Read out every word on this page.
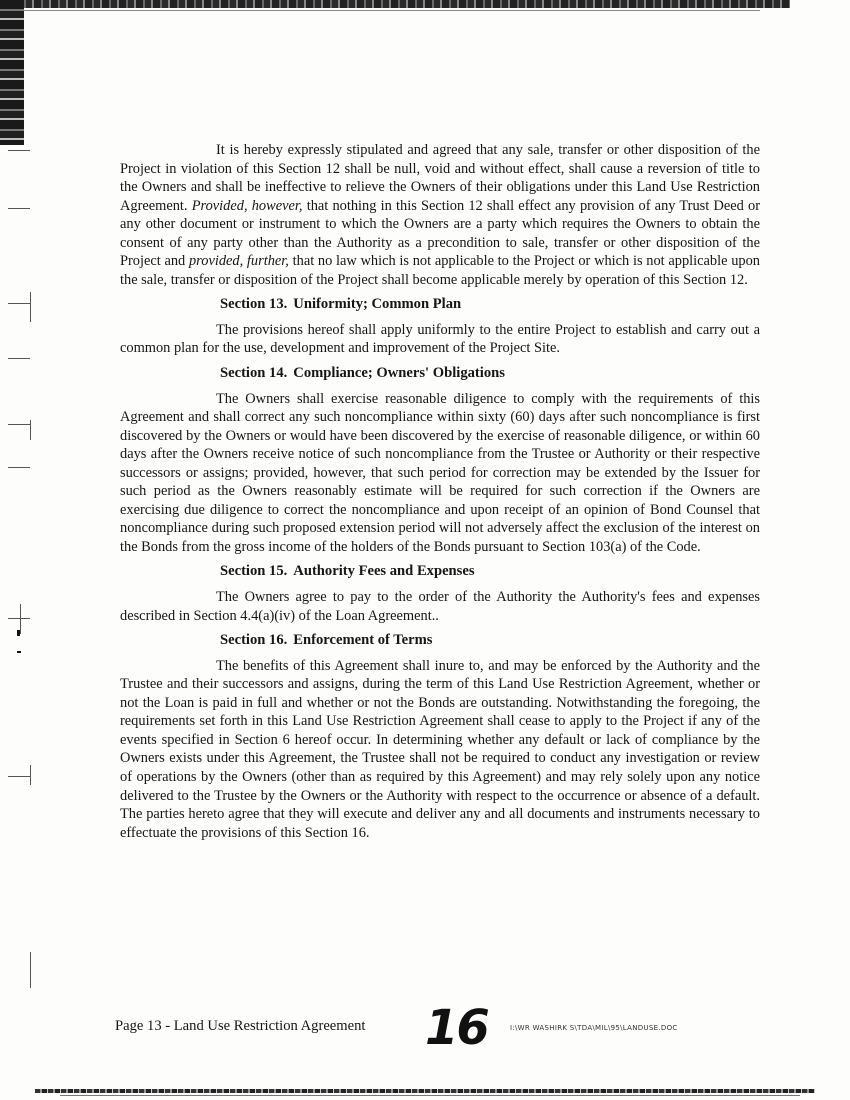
It is hereby expressly stipulated and agreed that any sale, transfer or other disposition of the Project in violation of this Section 12 shall be null, void and without effect, shall cause a reversion of title to the Owners and shall be ineffective to relieve the Owners of their obligations under this Land Use Restriction Agreement. Provided, however, that nothing in this Section 12 shall effect any provision of any Trust Deed or any other document or instrument to which the Owners are a party which requires the Owners to obtain the consent of any party other than the Authority as a precondition to sale, transfer or other disposition of the Project and provided, further, that no law which is not applicable to the Project or which is not applicable upon the sale, transfer or disposition of the Project shall become applicable merely by operation of this Section 12.

Section 13. Uniformity; Common Plan

The provisions hereof shall apply uniformly to the entire Project to establish and carry out a common plan for the use, development and improvement of the Project Site.

Section 14. Compliance; Owners' Obligations

The Owners shall exercise reasonable diligence to comply with the requirements of this Agreement and shall correct any such noncompliance within sixty (60) days after such noncompliance is first discovered by the Owners or would have been discovered by the exercise of reasonable diligence, or within 60 days after the Owners receive notice of such noncompliance from the Trustee or Authority or their respective successors or assigns; provided, however, that such period for correction may be extended by the Issuer for such period as the Owners reasonably estimate will be required for such correction if the Owners are exercising due diligence to correct the noncompliance and upon receipt of an opinion of Bond Counsel that noncompliance during such proposed extension period will not adversely affect the exclusion of the interest on the Bonds from the gross income of the holders of the Bonds pursuant to Section 103(a) of the Code.

Section 15. Authority Fees and Expenses

The Owners agree to pay to the order of the Authority the Authority's fees and expenses described in Section 4.4(a)(iv) of the Loan Agreement..

Section 16. Enforcement of Terms

The benefits of this Agreement shall inure to, and may be enforced by the Authority and the Trustee and their successors and assigns, during the term of this Land Use Restriction Agreement, whether or not the Loan is paid in full and whether or not the Bonds are outstanding. Notwithstanding the foregoing, the requirements set forth in this Land Use Restriction Agreement shall cease to apply to the Project if any of the events specified in Section 6 hereof occur. In determining whether any default or lack of compliance by the Owners exists under this Agreement, the Trustee shall not be required to conduct any investigation or review of operations by the Owners (other than as required by this Agreement) and may rely solely upon any notice delivered to the Trustee by the Owners or the Authority with respect to the occurrence or absence of a default. The parties hereto agree that they will execute and deliver any and all documents and instruments necessary to effectuate the provisions of this Section 16.

Page 13 - Land Use Restriction Agreement 16	I:\WR WASHIRK S\TDA\MIL\95\LANDUSE.DOC
